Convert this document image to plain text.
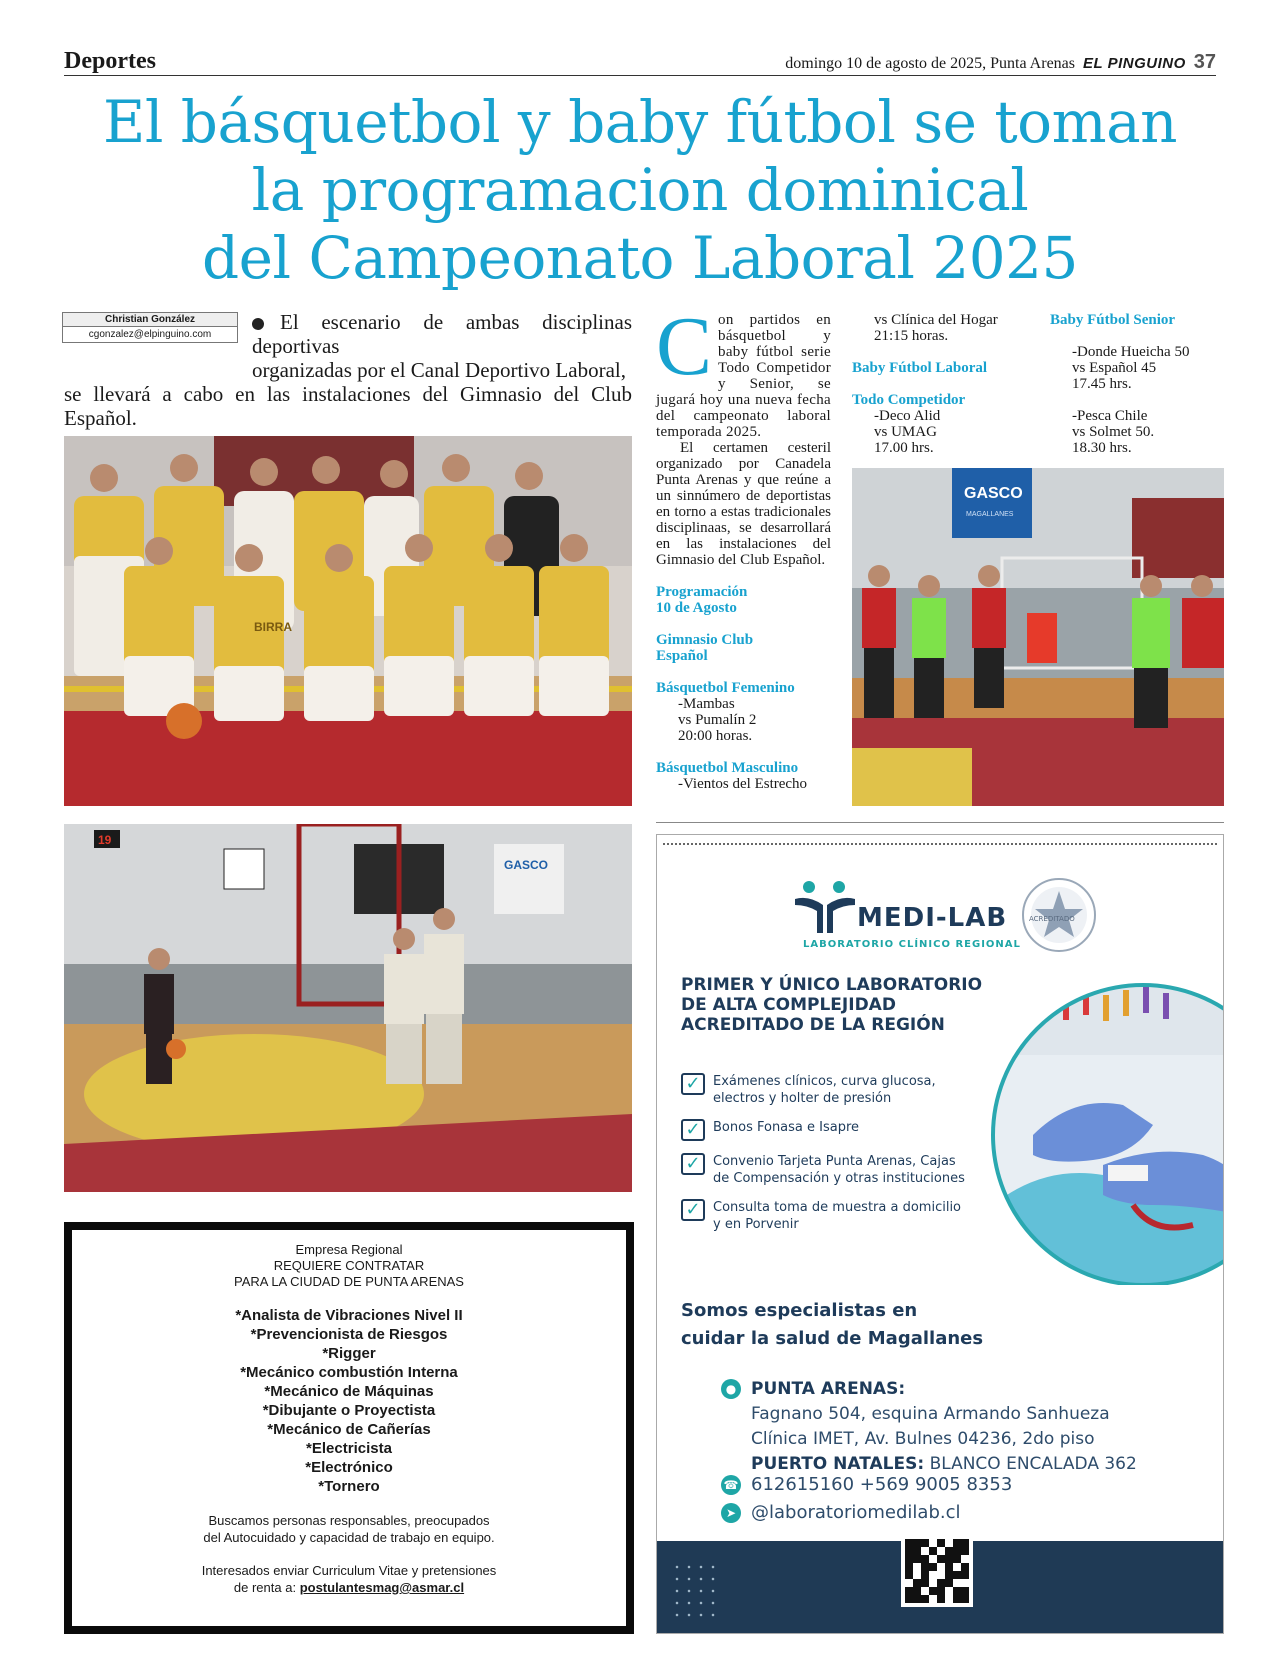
Deportes	domingo 10 de agosto de 2025, Punta Arenas EL PINGUINO 37
El básquetbol y baby fútbol se toman
la programacion dominical
del Campeonato Laboral 2025
Christian González
cgonzalez@elpinguino.com
El escenario de ambas disciplinas deportivas
organizadas por el Canal Deportivo Laboral,
se llevará a cabo en las instalaciones del Gimnasio del Club Español.
BIRRA
GASCO
MAGALLANES
19
GASCO
C on partidos en básquetbol y baby fútbol serie Todo Competidor y Senior, se jugará hoy una nueva fecha del campeonato laboral temporada 2025.

El certamen cesteril organizado por Canadela Punta Arenas y que reúne a un sinnúmero de deportistas en torno a estas tradicionales disciplinaas, se desarrollará en las instalaciones del Gimnasio del Club Español.

Programación
10 de Agosto
Gimnasio Club
Español
Básquetbol Femenino
-Mambas
vs Pumalín 2
20:00 horas.
Básquetbol Masculino
-Vientos del Estrecho
vs Clínica del Hogar
21:15 horas.
Baby Fútbol Laboral
Todo Competidor
-Deco Alid
vs UMAG
17.00 hrs.
Baby Fútbol Senior
-Donde Hueicha 50
vs Español 45
17.45 hrs.
-Pesca Chile
vs Solmet 50.
18.30 hrs.
Empresa Regional
REQUIERE CONTRATAR
PARA LA CIUDAD DE PUNTA ARENAS
*Analista de Vibraciones Nivel II
*Prevencionista de Riesgos
*Rigger
*Mecánico combustión Interna
*Mecánico de Máquinas
*Dibujante o Proyectista
*Mecánico de Cañerías
*Electricista
*Electrónico
*Tornero
Buscamos personas responsables, preocupados
del Autocuidado y capacidad de trabajo en equipo.
Interesados enviar Curriculum Vitae y pretensiones
de renta a: postulantesmag@asmar.cl
MEDI-LAB
LABORATORIO CLÍNICO REGIONAL
ACREDITADO
PRIMER Y ÚNICO LABORATORIO
DE ALTA COMPLEJIDAD
ACREDITADO DE LA REGIÓN
✓ Exámenes clínicos, curva glucosa, electros y holter de presión
✓ Bonos Fonasa e Isapre
✓ Convenio Tarjeta Punta Arenas, Cajas de Compensación y otras instituciones
✓ Consulta toma de muestra a domicilio y en Porvenir
Somos especialistas en
cuidar la salud de Magallanes
● PUNTA ARENAS:
Fagnano 504, esquina Armando Sanhueza
Clínica IMET, Av. Bulnes 04236, 2do piso
PUERTO NATALES: BLANCO ENCALADA 362
☎ 612615160 +569 9005 8353
➤ @laboratoriomedilab.cl
